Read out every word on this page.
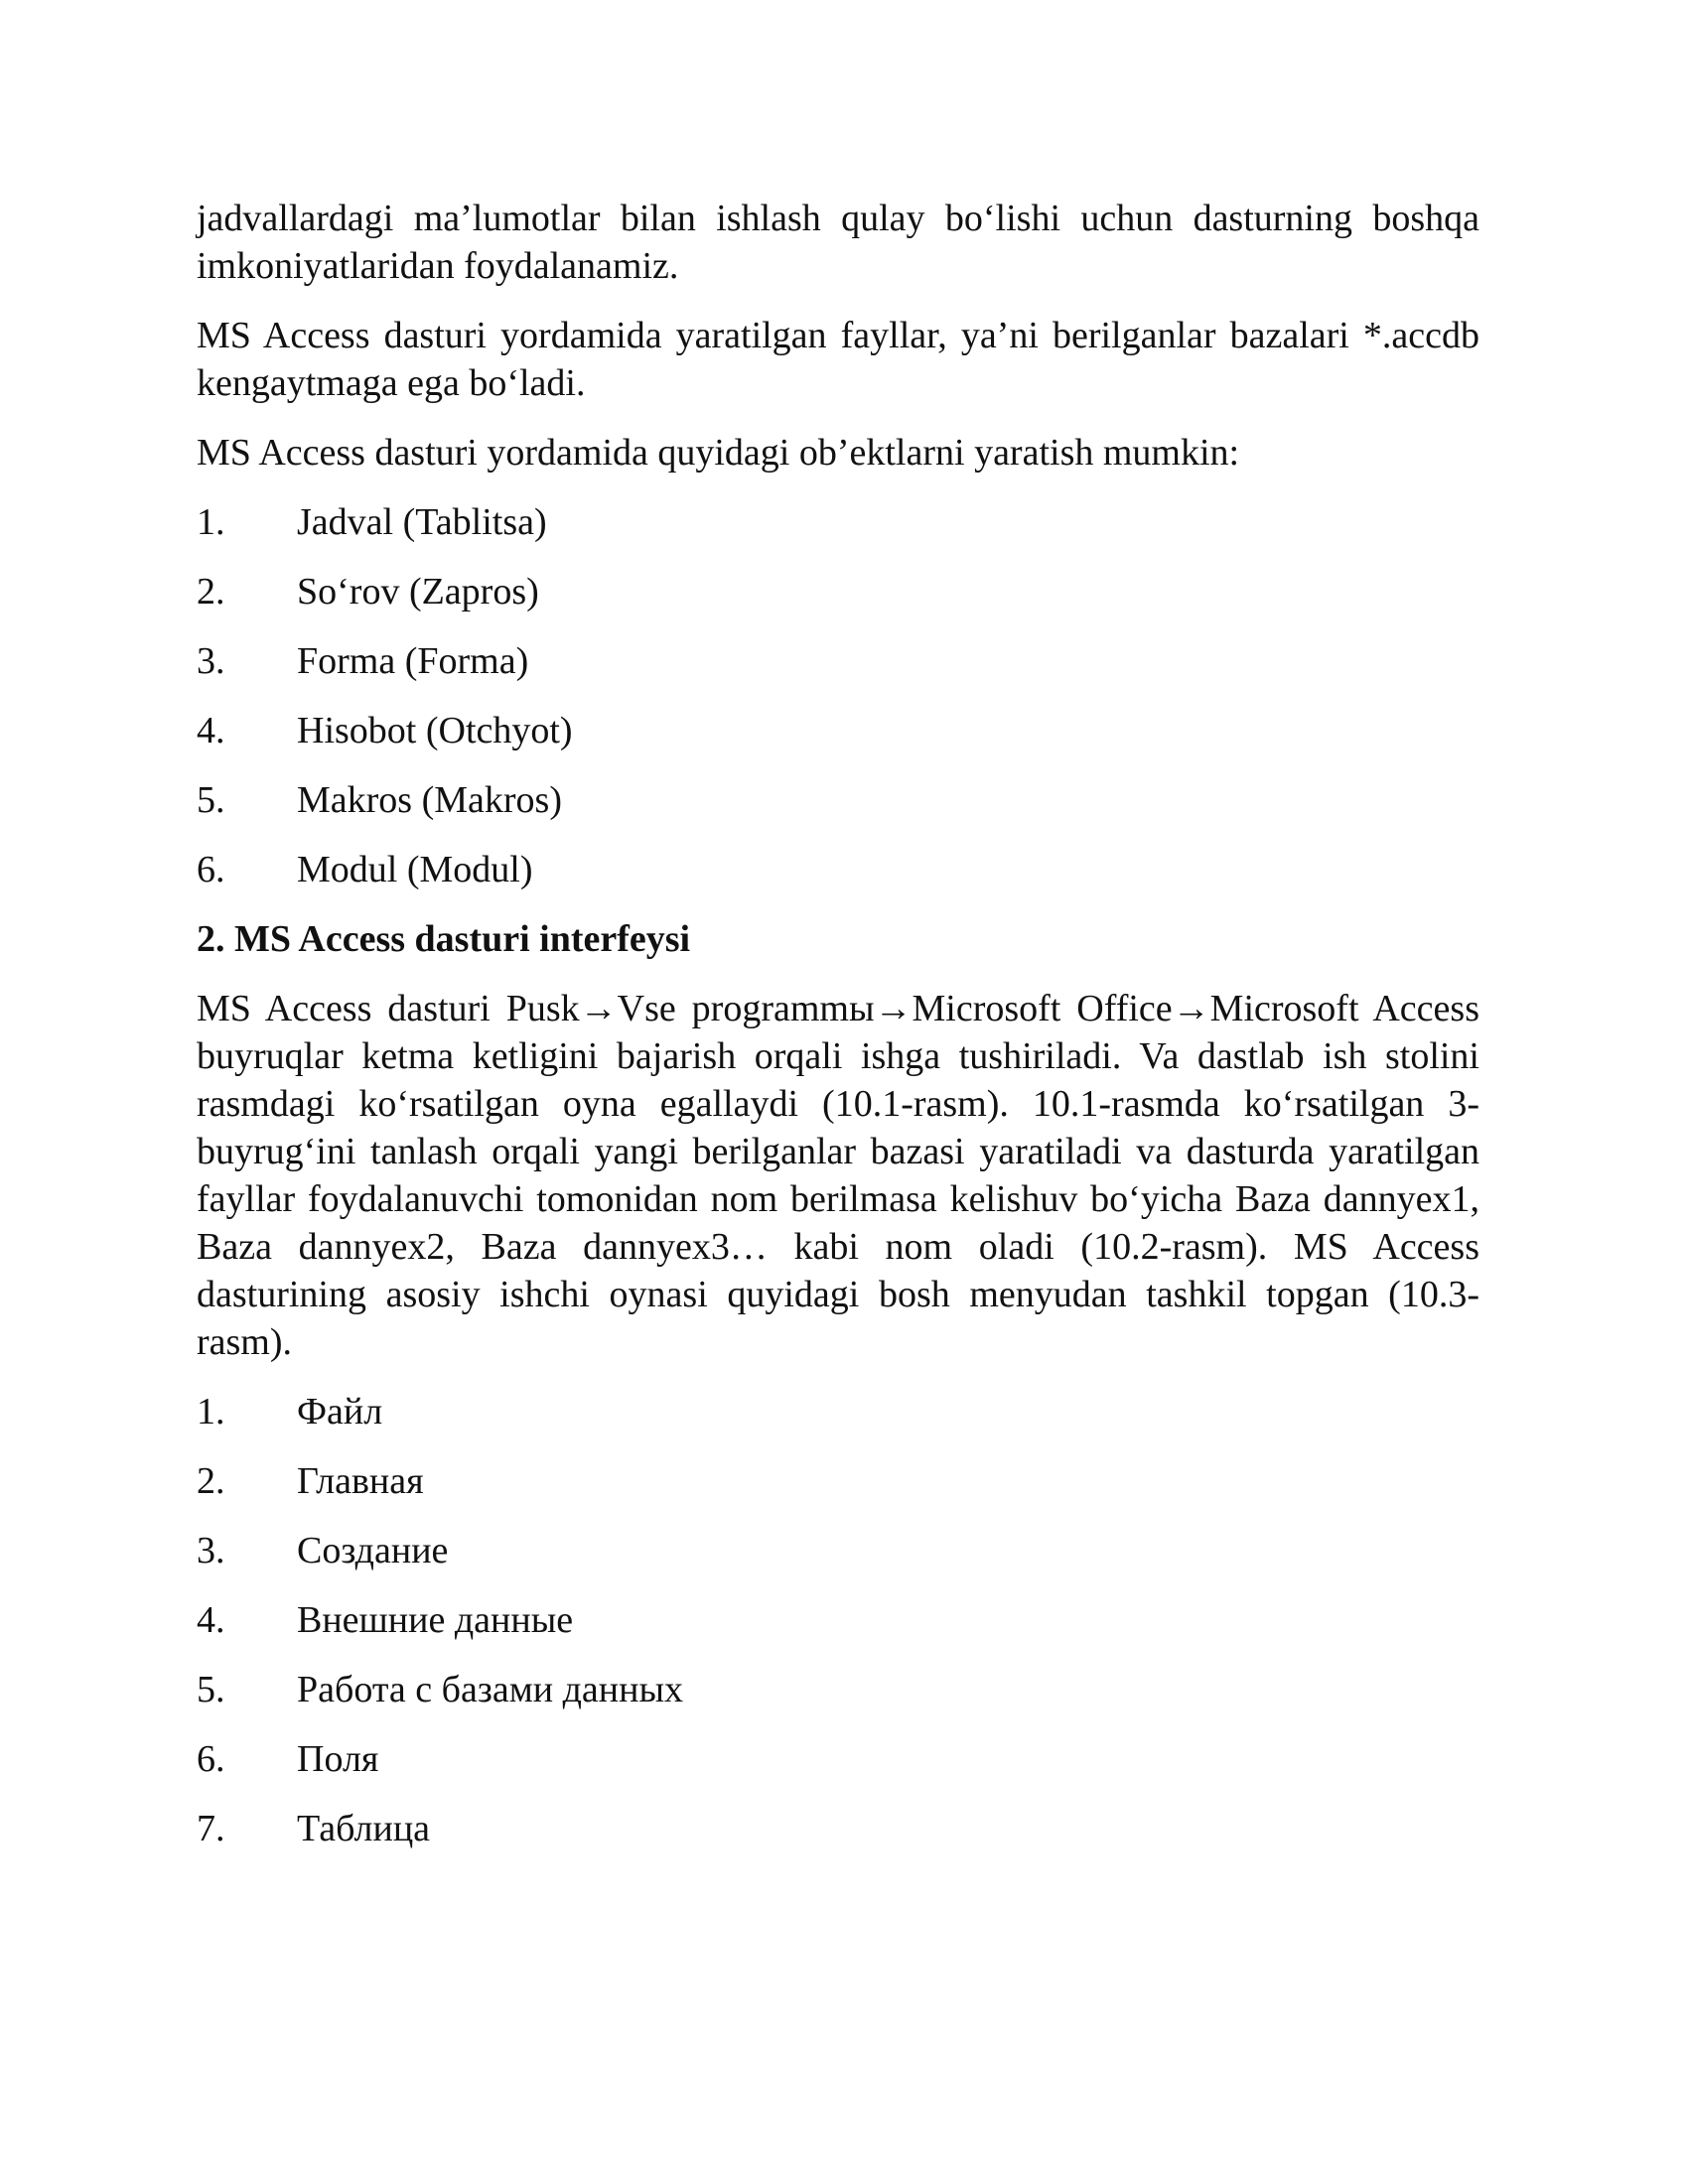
jadvallardagi ma’lumotlar bilan ishlash qulay bo‘lishi uchun dasturning boshqa imkoniyatlaridan foydalanamiz.

MS Access dasturi yordamida yaratilgan fayllar, ya’ni berilganlar bazalari *.accdb kengaytmaga ega bo‘ladi.

MS Access dasturi yordamida quyidagi ob’ektlarni yaratish mumkin:

1.	Jadval (Tablitsa)
2.	So‘rov (Zapros)
3.	Forma (Forma)
4.	Hisobot (Otchyot)
5.	Makros (Makros)
6.	Modul (Modul)

2. MS Access dasturi interfeysi

MS Access dasturi Pusk→Vse programmы→Microsoft Office→Microsoft Access buyruqlar ketma ketligini bajarish orqali ishga tushiriladi. Va dastlab ish stolini rasmdagi ko‘rsatilgan oyna egallaydi (10.1-rasm). 10.1-rasmda ko‘rsatilgan 3-buyrug‘ini tanlash orqali yangi berilganlar bazasi yaratiladi va dasturda yaratilgan fayllar foydalanuvchi tomonidan nom berilmasa kelishuv bo‘yicha Baza dannyex1, Baza dannyex2, Baza dannyex3… kabi nom oladi (10.2-rasm). MS Access dasturining asosiy ishchi oynasi quyidagi bosh menyudan tashkil topgan (10.3-rasm).

1.	Файл
2.	Главная
3.	Создание
4.	Внешние данные
5.	Работа с базами данных
6.	Поля
7.	Таблица
